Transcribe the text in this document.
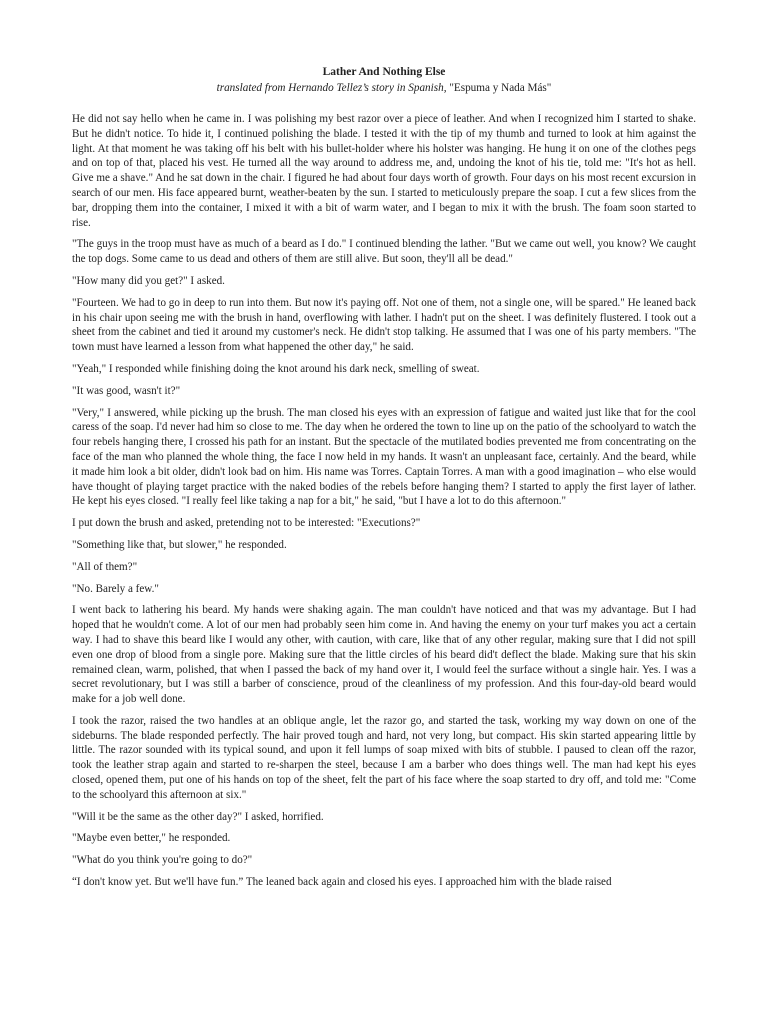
Lather And Nothing Else

translated from Hernando Tellez’s story in Spanish, "Espuma y Nada Más"

He did not say hello when he came in. I was polishing my best razor over a piece of leather. And when I recognized him I started to shake. But he didn't notice. To hide it, I continued polishing the blade. I tested it with the tip of my thumb and turned to look at him against the light. At that moment he was taking off his belt with his bullet-holder where his holster was hanging. He hung it on one of the clothes pegs and on top of that, placed his vest. He turned all the way around to address me, and, undoing the knot of his tie, told me: "It's hot as hell. Give me a shave." And he sat down in the chair. I figured he had about four days worth of growth. Four days on his most recent excursion in search of our men. His face appeared burnt, weather-beaten by the sun. I started to meticulously prepare the soap. I cut a few slices from the bar, dropping them into the container, I mixed it with a bit of warm water, and I began to mix it with the brush. The foam soon started to rise.

"The guys in the troop must have as much of a beard as I do." I continued blending the lather. "But we came out well, you know? We caught the top dogs. Some came to us dead and others of them are still alive. But soon, they'll all be dead."

"How many did you get?" I asked.

"Fourteen. We had to go in deep to run into them. But now it's paying off. Not one of them, not a single one, will be spared." He leaned back in his chair upon seeing me with the brush in hand, overflowing with lather. I hadn't put on the sheet. I was definitely flustered. I took out a sheet from the cabinet and tied it around my customer's neck. He didn't stop talking. He assumed that I was one of his party members. "The town must have learned a lesson from what happened the other day," he said.

"Yeah," I responded while finishing doing the knot around his dark neck, smelling of sweat.

"It was good, wasn't it?"

"Very," I answered, while picking up the brush. The man closed his eyes with an expression of fatigue and waited just like that for the cool caress of the soap. I'd never had him so close to me. The day when he ordered the town to line up on the patio of the schoolyard to watch the four rebels hanging there, I crossed his path for an instant. But the spectacle of the mutilated bodies prevented me from concentrating on the face of the man who planned the whole thing, the face I now held in my hands. It wasn't an unpleasant face, certainly. And the beard, while it made him look a bit older, didn't look bad on him. His name was Torres. Captain Torres. A man with a good imagination – who else would have thought of playing target practice with the naked bodies of the rebels before hanging them? I started to apply the first layer of lather. He kept his eyes closed. "I really feel like taking a nap for a bit," he said, "but I have a lot to do this afternoon."

I put down the brush and asked, pretending not to be interested: "Executions?"

"Something like that, but slower," he responded.

"All of them?"

"No. Barely a few."

I went back to lathering his beard. My hands were shaking again. The man couldn't have noticed and that was my advantage. But I had hoped that he wouldn't come. A lot of our men had probably seen him come in. And having the enemy on your turf makes you act a certain way. I had to shave this beard like I would any other, with caution, with care, like that of any other regular, making sure that I did not spill even one drop of blood from a single pore. Making sure that the little circles of his beard did't deflect the blade. Making sure that his skin remained clean, warm, polished, that when I passed the back of my hand over it, I would feel the surface without a single hair. Yes. I was a secret revolutionary, but I was still a barber of conscience, proud of the cleanliness of my profession. And this four-day-old beard would make for a job well done.

I took the razor, raised the two handles at an oblique angle, let the razor go, and started the task, working my way down on one of the sideburns. The blade responded perfectly. The hair proved tough and hard, not very long, but compact. His skin started appearing little by little. The razor sounded with its typical sound, and upon it fell lumps of soap mixed with bits of stubble. I paused to clean off the razor, took the leather strap again and started to re-sharpen the steel, because I am a barber who does things well. The man had kept his eyes closed, opened them, put one of his hands on top of the sheet, felt the part of his face where the soap started to dry off, and told me: "Come to the schoolyard this afternoon at six."

"Will it be the same as the other day?" I asked, horrified.

"Maybe even better," he responded.

"What do you think you're going to do?"

“I don't know yet. But we'll have fun.” The leaned back again and closed his eyes. I approached him with the blade raised
